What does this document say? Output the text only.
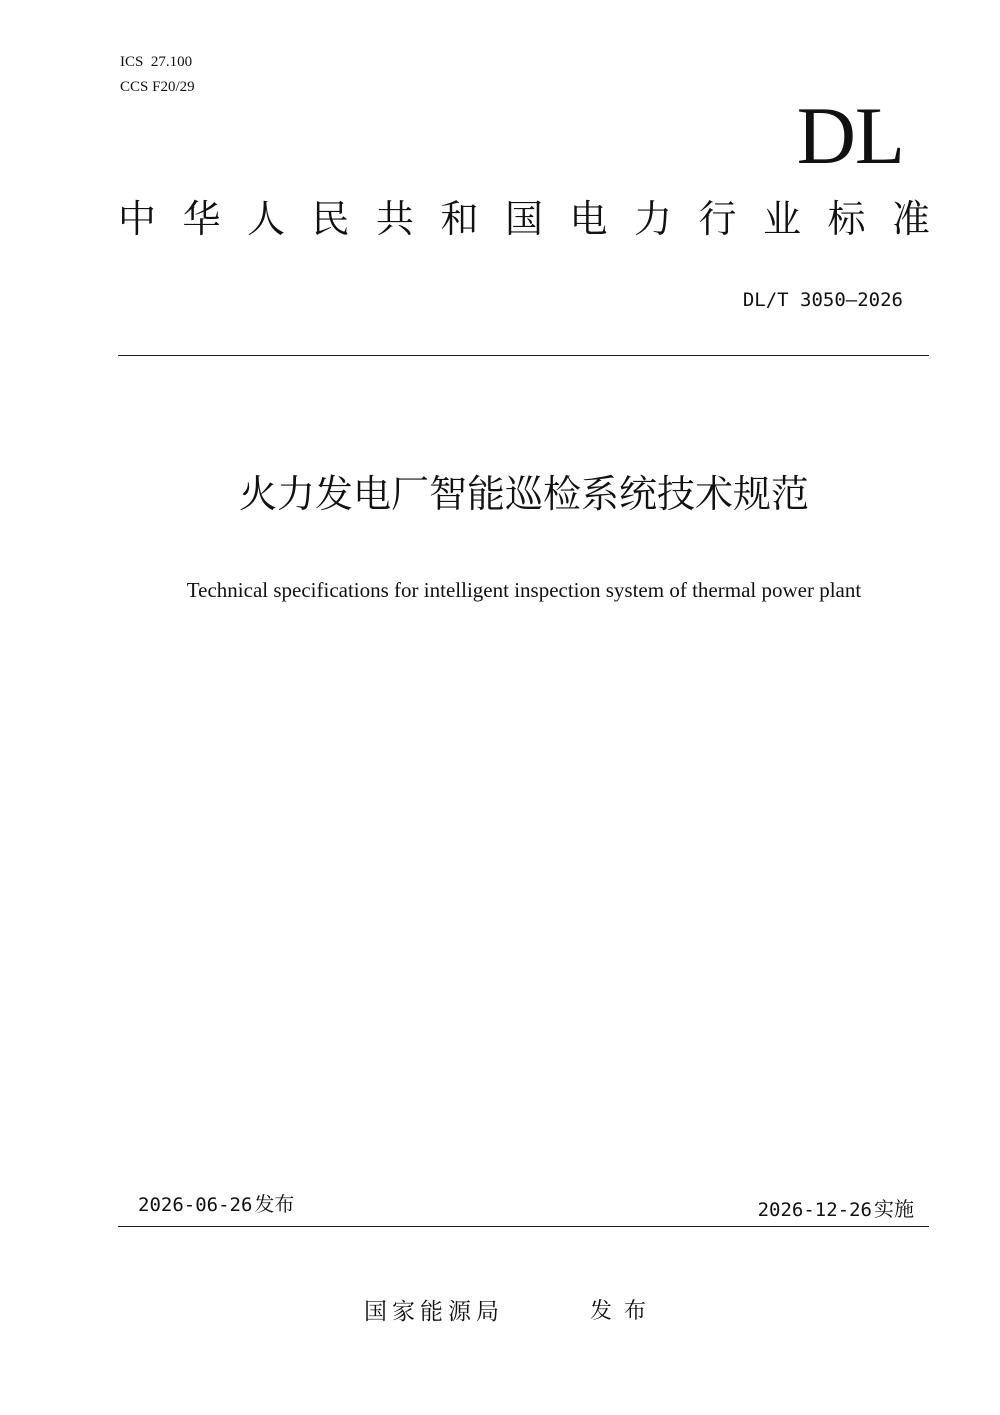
ICS  27.100
CCS F20/29
DL
中华人民共和国电力行业标准
DL/T 3050—2026
火力发电厂智能巡检系统技术规范
Technical specifications for intelligent inspection system of thermal power plant
2026-06-26 发布	2026-12-26 实施
国家能源局	发布
